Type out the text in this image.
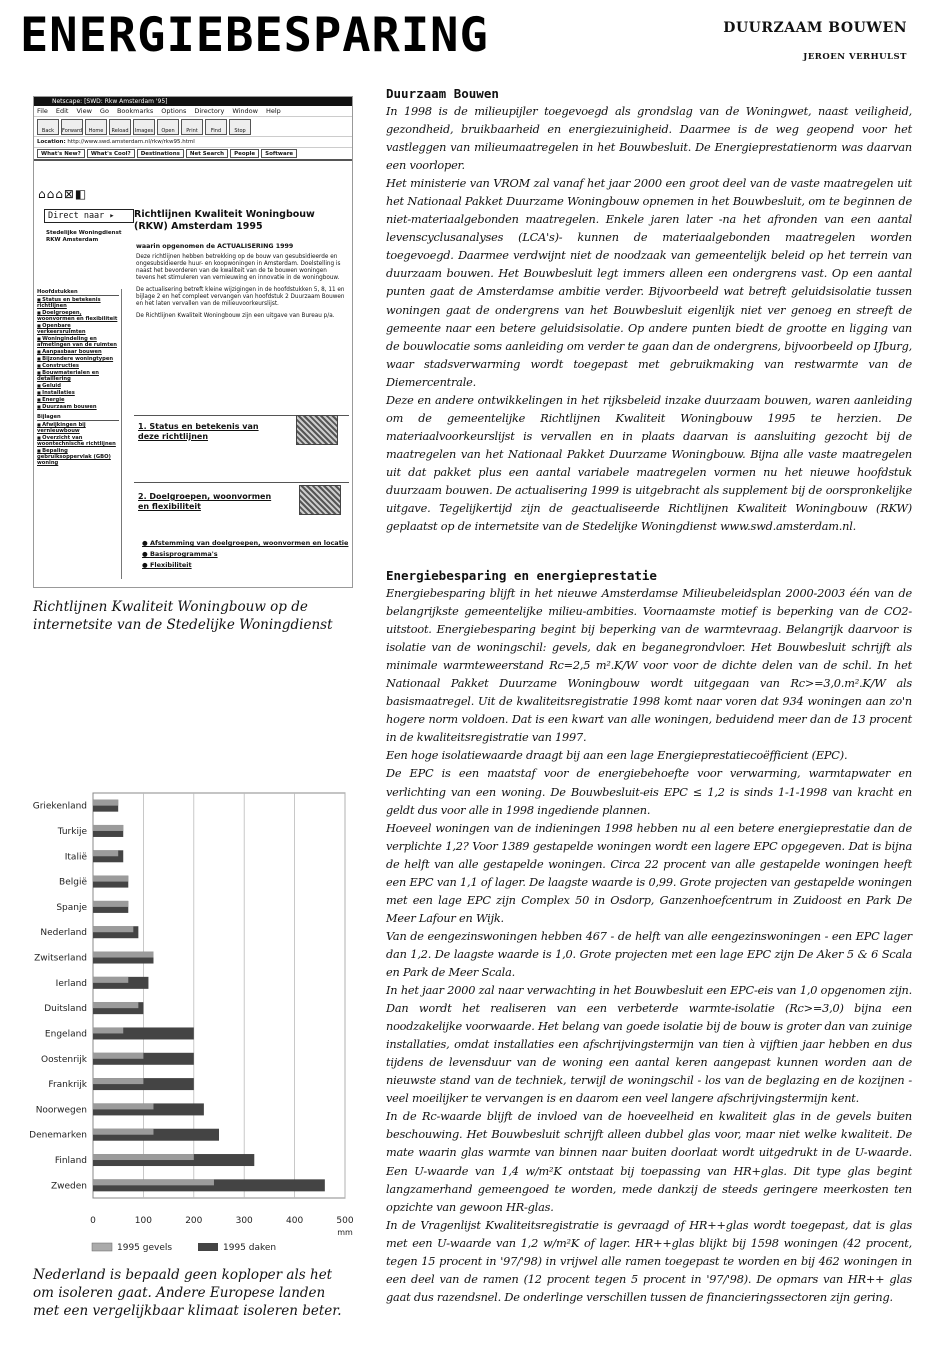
ENERGIEBESPARING	DUURZAAM BOUWEN
JEROEN VERHULST
Netscape: [SWD: Rkw Amsterdam '95]
File Edit View Go Bookmarks Options Directory Window Help
Back	Forward	Home	Reload	Images	Open	Print	Find	Stop
Location: http://www.swd.amsterdam.nl/rkw/rkw95.html
What's New?	What's Cool?	Destinations	Net Search	People	Software
⌂⌂⌂⊠◧
Direct naar ▸
Stedelijke Woningdienst
RKW Amsterdam
Richtlijnen Kwaliteit Woningbouw
(RKW) Amsterdam 1995
waarin opgenomen de ACTUALISERING 1999

Deze richtlijnen hebben betrekking op de bouw van gesubsidieerde en ongesubsidieerde huur- en koopwoningen in Amsterdam. Doelstelling is naast het bevorderen van de kwaliteit van de te bouwen woningen tevens het stimuleren van vernieuwing en innovatie in de woningbouw.

De actualisering betreft kleine wijzigingen in de hoofdstukken 5, 8, 11 en bijlage 2 en het compleet vervangen van hoofdstuk 2 Duurzaam Bouwen en het laten vervallen van de milieuvoorkeurslijst.

De Richtlijnen Kwaliteit Woningbouw zijn een uitgave van Bureau p/a.

Hoofdstukken
■ Status en betekenis richtlijnen
■ Doelgroepen, woonvormen en flexibiliteit
■ Openbare verkeersruimten
■ Woningindeling en afmetingen van de ruimten
■ Aanpasbaar bouwen
■ Bijzondere woningtypen
■ Constructies
■ Bouwmaterialen en detaillering
■ Geluid
■ Installaties
■ Energie
■ Duurzaam bouwen
Bijlagen
■ Afwijkingen bij vernieuwbouw
■ Overzicht van woontechnische richtlijnen
■ Bepaling gebruiksoppervlak (GBO) woning
1. Status en betekenis van deze richtlijnen
2. Doelgroepen, woonvormen en flexibiliteit
● Afstemming van doelgroepen, woonvormen en locatie
● Basisprogramma's
● Flexibiliteit
Richtlijnen Kwaliteit Woningbouw op de internetsite van de Stedelijke Woningdienst
Griekenland
Turkije
Italië
België
Spanje
Nederland
Zwitserland
Ierland
Duitsland
Engeland
Oostenrijk
Frankrijk
Noorwegen
Denemarken
Finland
Zweden
0	100	200	300	400	500
mm
1995 gevels	1995 daken
Nederland is bepaald geen koploper als het om isoleren gaat. Andere Europese landen met een vergelijkbaar klimaat isoleren beter.
Duurzaam Bouwen

In 1998 is de milieupijler toegevoegd als grondslag van de Woningwet, naast veiligheid, gezondheid, bruikbaarheid en energiezuinigheid. Daarmee is de weg geopend voor het vastleggen van milieumaatregelen in het Bouwbesluit. De Energieprestatienorm was daarvan een voorloper.

Het ministerie van VROM zal vanaf het jaar 2000 een groot deel van de vaste maatregelen uit het Nationaal Pakket Duurzame Woningbouw opnemen in het Bouwbesluit, om te beginnen de niet-materiaalgebonden maatregelen. Enkele jaren later -na het afronden van een aantal levenscyclusanalyses (LCA's)- kunnen de materiaalgebonden maatregelen worden toegevoegd. Daarmee verdwijnt niet de noodzaak van gemeentelijk beleid op het terrein van duurzaam bouwen. Het Bouwbesluit legt immers alleen een ondergrens vast. Op een aantal punten gaat de Amsterdamse ambitie verder. Bijvoorbeeld wat betreft geluidsisolatie tussen woningen gaat de ondergrens van het Bouwbesluit eigenlijk niet ver genoeg en streeft de gemeente naar een betere geluidsisolatie. Op andere punten biedt de grootte en ligging van de bouwlocatie soms aanleiding om verder te gaan dan de ondergrens, bijvoorbeeld op IJburg, waar stadsverwarming wordt toegepast met gebruikmaking van restwarmte van de Diemercentrale.

Deze en andere ontwikkelingen in het rijksbeleid inzake duurzaam bouwen, waren aanleiding om de gemeentelijke Richtlijnen Kwaliteit Woningbouw 1995 te herzien. De materiaalvoorkeurslijst is vervallen en in plaats daarvan is aansluiting gezocht bij de maatregelen van het Nationaal Pakket Duurzame Woningbouw. Bijna alle vaste maatregelen uit dat pakket plus een aantal variabele maatregelen vormen nu het nieuwe hoofdstuk duurzaam bouwen. De actualisering 1999 is uitgebracht als supplement bij de oorspronkelijke uitgave. Tegelijkertijd zijn de geactualiseerde Richtlijnen Kwaliteit Woningbouw (RKW) geplaatst op de internetsite van de Stedelijke Woningdienst www.swd.amsterdam.nl.

Energiebesparing en energieprestatie

Energiebesparing blijft in het nieuwe Amsterdamse Milieubeleidsplan 2000-2003 één van de belangrijkste gemeentelijke milieu-ambities. Voornaamste motief is beperking van de CO2-uitstoot. Energiebesparing begint bij beperking van de warmtevraag. Belangrijk daarvoor is isolatie van de woningschil: gevels, dak en beganegrondvloer. Het Bouwbesluit schrijft als minimale warmteweerstand Rc=2,5 m².K/W voor voor de dichte delen van de schil. In het Nationaal Pakket Duurzame Woningbouw wordt uitgegaan van Rc>=3,0.m².K/W als basismaatregel. Uit de kwaliteitsregistratie 1998 komt naar voren dat 934 woningen aan zo'n hogere norm voldoen. Dat is een kwart van alle woningen, beduidend meer dan de 13 procent in de kwaliteitsregistratie van 1997.

Een hoge isolatiewaarde draagt bij aan een lage Energieprestatiecoëfficient (EPC).

De EPC is een maatstaf voor de energiebehoefte voor verwarming, warmtapwater en verlichting van een woning. De Bouwbesluit-eis EPC ≤ 1,2 is sinds 1-1-1998 van kracht en geldt dus voor alle in 1998 ingediende plannen.

Hoeveel woningen van de indieningen 1998 hebben nu al een betere energieprestatie dan de verplichte 1,2? Voor 1389 gestapelde woningen wordt een lagere EPC opgegeven. Dat is bijna de helft van alle gestapelde woningen. Circa 22 procent van alle gestapelde woningen heeft een EPC van 1,1 of lager. De laagste waarde is 0,99. Grote projecten van gestapelde woningen met een lage EPC zijn Complex 50 in Osdorp, Ganzenhoefcentrum in Zuidoost en Park De Meer Lafour en Wijk.

Van de eengezinswoningen hebben 467 - de helft van alle eengezinswoningen - een EPC lager dan 1,2. De laagste waarde is 1,0. Grote projecten met een lage EPC zijn De Aker 5 & 6 Scala en Park de Meer Scala.

In het jaar 2000 zal naar verwachting in het Bouwbesluit een EPC-eis van 1,0 opgenomen zijn. Dan wordt het realiseren van een verbeterde warmte-isolatie (Rc>=3,0) bijna een noodzakelijke voorwaarde. Het belang van goede isolatie bij de bouw is groter dan van zuinige installaties, omdat installaties een afschrijvingstermijn van tien à vijftien jaar hebben en dus tijdens de levensduur van de woning een aantal keren aangepast kunnen worden aan de nieuwste stand van de techniek, terwijl de woningschil - los van de beglazing en de kozijnen - veel moeilijker te vervangen is en daarom een veel langere afschrijvingstermijn kent.

In de Rc-waarde blijft de invloed van de hoeveelheid en kwaliteit glas in de gevels buiten beschouwing. Het Bouwbesluit schrijft alleen dubbel glas voor, maar niet welke kwaliteit. De mate waarin glas warmte van binnen naar buiten doorlaat wordt uitgedrukt in de U-waarde. Een U-waarde van 1,4 w/m²K ontstaat bij toepassing van HR+glas. Dit type glas begint langzamerhand gemeengoed te worden, mede dankzij de steeds geringere meerkosten ten opzichte van gewoon HR-glas.

In de Vragenlijst Kwaliteitsregistratie is gevraagd of HR++glas wordt toegepast, dat is glas met een U-waarde van 1,2 w/m²K of lager. HR++glas blijkt bij 1598 woningen (42 procent, tegen 15 procent in '97/'98) in vrijwel alle ramen toegepast te worden en bij 462 woningen in een deel van de ramen (12 procent tegen 5 procent in '97/'98). De opmars van HR++ glas gaat dus razendsnel. De onderlinge verschillen tussen de financieringssectoren zijn gering.
